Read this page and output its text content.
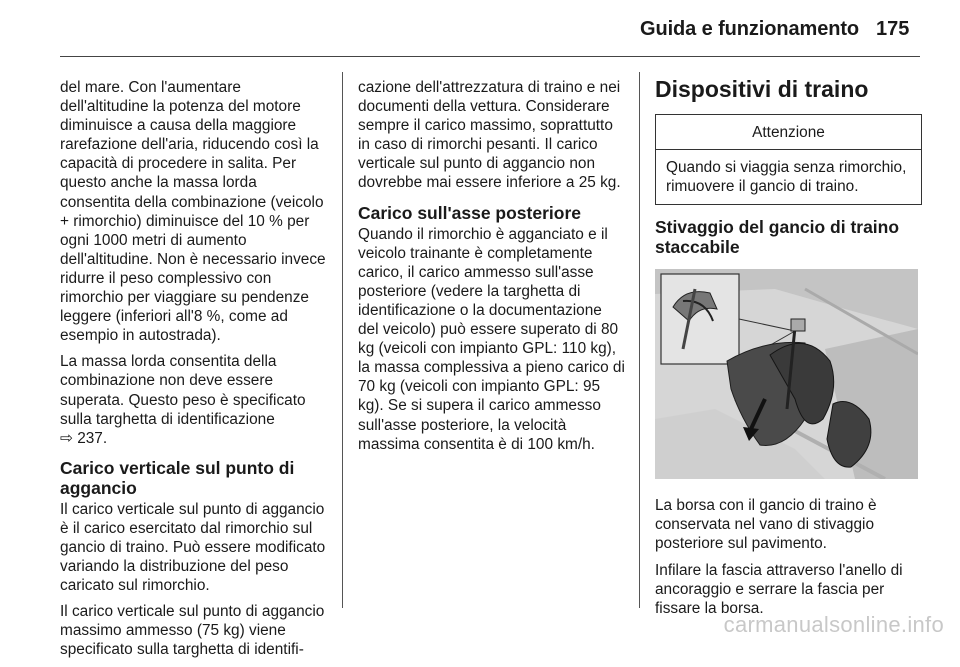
Guida e funzionamento 175

del mare. Con l'aumentare dell'altitudine la potenza del motore diminuisce a causa della maggiore rarefazione dell'aria, riducendo così la capacità di procedere in salita. Per questo anche la massa lorda consentita della combinazione (veicolo + rimorchio) diminuisce del 10 % per ogni 1000 metri di aumento dell'altitudine. Non è necessario invece ridurre il peso complessivo con rimorchio per viaggiare su pendenze leggere (inferiori all'8 %, come ad esempio in autostrada).

La massa lorda consentita della combinazione non deve essere superata. Questo peso è specificato sulla targhetta di identificazione ⇨ 237.

Carico verticale sul punto di aggancio

Il carico verticale sul punto di aggancio è il carico esercitato dal rimorchio sul gancio di traino. Può essere modificato variando la distribuzione del peso caricato sul rimorchio.

Il carico verticale sul punto di aggancio massimo ammesso (75 kg) viene specificato sulla targhetta di identifi-

cazione dell'attrezzatura di traino e nei documenti della vettura. Considerare sempre il carico massimo, soprattutto in caso di rimorchi pesanti. Il carico verticale sul punto di aggancio non dovrebbe mai essere inferiore a 25 kg.

Carico sull'asse posteriore

Quando il rimorchio è agganciato e il veicolo trainante è completamente carico, il carico ammesso sull'asse posteriore (vedere la targhetta di identificazione o la documentazione del veicolo) può essere superato di 80 kg (veicoli con impianto GPL: 110 kg), la massa complessiva a pieno carico di 70 kg (veicoli con impianto GPL: 95 kg). Se si supera il carico ammesso sull'asse posteriore, la velocità massima consentita è di 100 km/h.

Dispositivi di traino
Attenzione
Quando si viaggia senza rimorchio, rimuovere il gancio di traino.
Stivaggio del gancio di traino staccabile

La borsa con il gancio di traino è conservata nel vano di stivaggio posteriore sul pavimento.

Infilare la fascia attraverso l'anello di ancoraggio e serrare la fascia per fissare la borsa.

carmanualsonline.info
